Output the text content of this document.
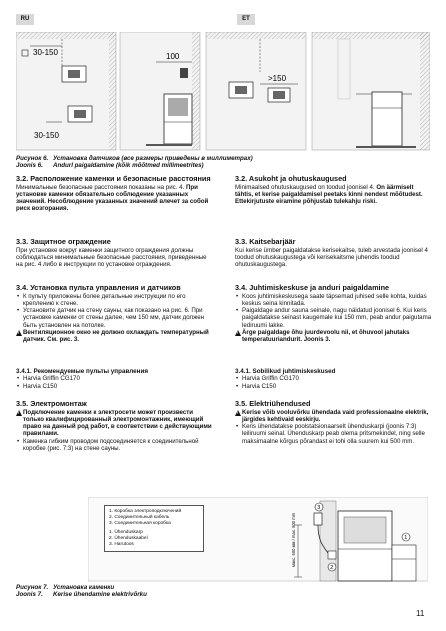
RU	ET
30-150
30-150
100
>150
Рисунок 6. Установка датчиков (все размеры приведены в миллиметрах)
Joonis 6.	Andurl paigaldamine (kõik mõõtmed millimeetrites)
3.2. Расположение каменки и безопасные расстояния

Минимальные безопасные расстояния показаны на рис. 4. При установке каменки обязательно соблюдение указанных значений. Несоблюдение указанных значений влечет за собой риск возгорания.

3.3. Защитное ограждение

При установке вокруг каменки защитного ограждения должны соблюдаться минимальные безопасные расстояния, приведенные на рис. 4 либо в инструкции по установке ограждения.

3.4. Установка пульта управления и датчиков
• К пульту приложены более детальные инструкции по его креплению к стене.
• Установите датчик на стену сауны, как показано на рис. 6. При установке каменки от стены далее, чем 150 мм, датчик должен быть установлен на потолке.
! Вентиляционное окно не должно охлаждать температурный датчик. См. рис. 3.
3.4.1. Рекомендуемые пульты управления
• Harvia Griffin CG170
• Harvia C150
3.5. Электромонтаж
! Подключение каменки к электросети может произвести только квалифицированный электромонтажник, имеющий право на данный род работ, в соответствии с действующими правилами.
• Каменка гибким проводом подсоединяется к соединительной коробке (рис. 7:3) на стене сауны.
3.2. Asukoht ja ohutuskaugused

Minimaalsed ohutuskaugused on toodud joonisel 4. On äärmiselt tähtis, et kerise paigaldamisel peetaks kinni nendest mõõtudest. Ettekirjutuste eiramine põhjustab tulekahju riski.

3.3. Kaitsebarjäär

Kui kerise ümber paigaldatakse kerisekaitse, tuleb arvestada joonisel 4 toodud ohutuskaugustega või kerisekaitsme juhendis toodud ohutuskaugustega.

3.4. Juhtimiskeskuse ja anduri paigaldamine
• Koos juhtimiskeskusega saate täpsemad juhised selle kohta, kuidas keskus seina kinnitada.
• Paigaldage andur sauna seinale, nagu näidatud joonisel 6. Kui keris paigaldatakse seinast kaugemale kui 150 mm, peab andur paigutama lediruumi lakke.
! Ärge paigaldage õhu juurdevoolu nii, et õhuvool jahutaks temperatuuriandurit. Joonis 3.
3.4.1. Sobilikud juhtimiskeskused
• Harvia Griffin CG170
• Harvia C150
3.5. Elektriühendused
! Kerise võib vooluvõrku ühendada vaid professionaalne elektrik, järgides kehtivaid eeskirju.
• Keris ühendatakse poolstatsionaarselt ühenduskarpi (joonis 7:3) leiliruumi seinal. Ühenduskarp peab olema pritsmekindel, ning selle maksimaalne kõrgus põrandast ei tohi olla suurem kui 500 mm.
макс. 500 мм / max. 500 mm
3
2
1
1. Коробка электроподключений
2. Соединительный кабель
3. Соединительная коробка
1. Ühenduskarp
2. Ühenduskaabel
3. Harutoos
Рисунок 7. Установка каменки
Joonis 7.	Kerise ühendamine elektrivõrku
11
